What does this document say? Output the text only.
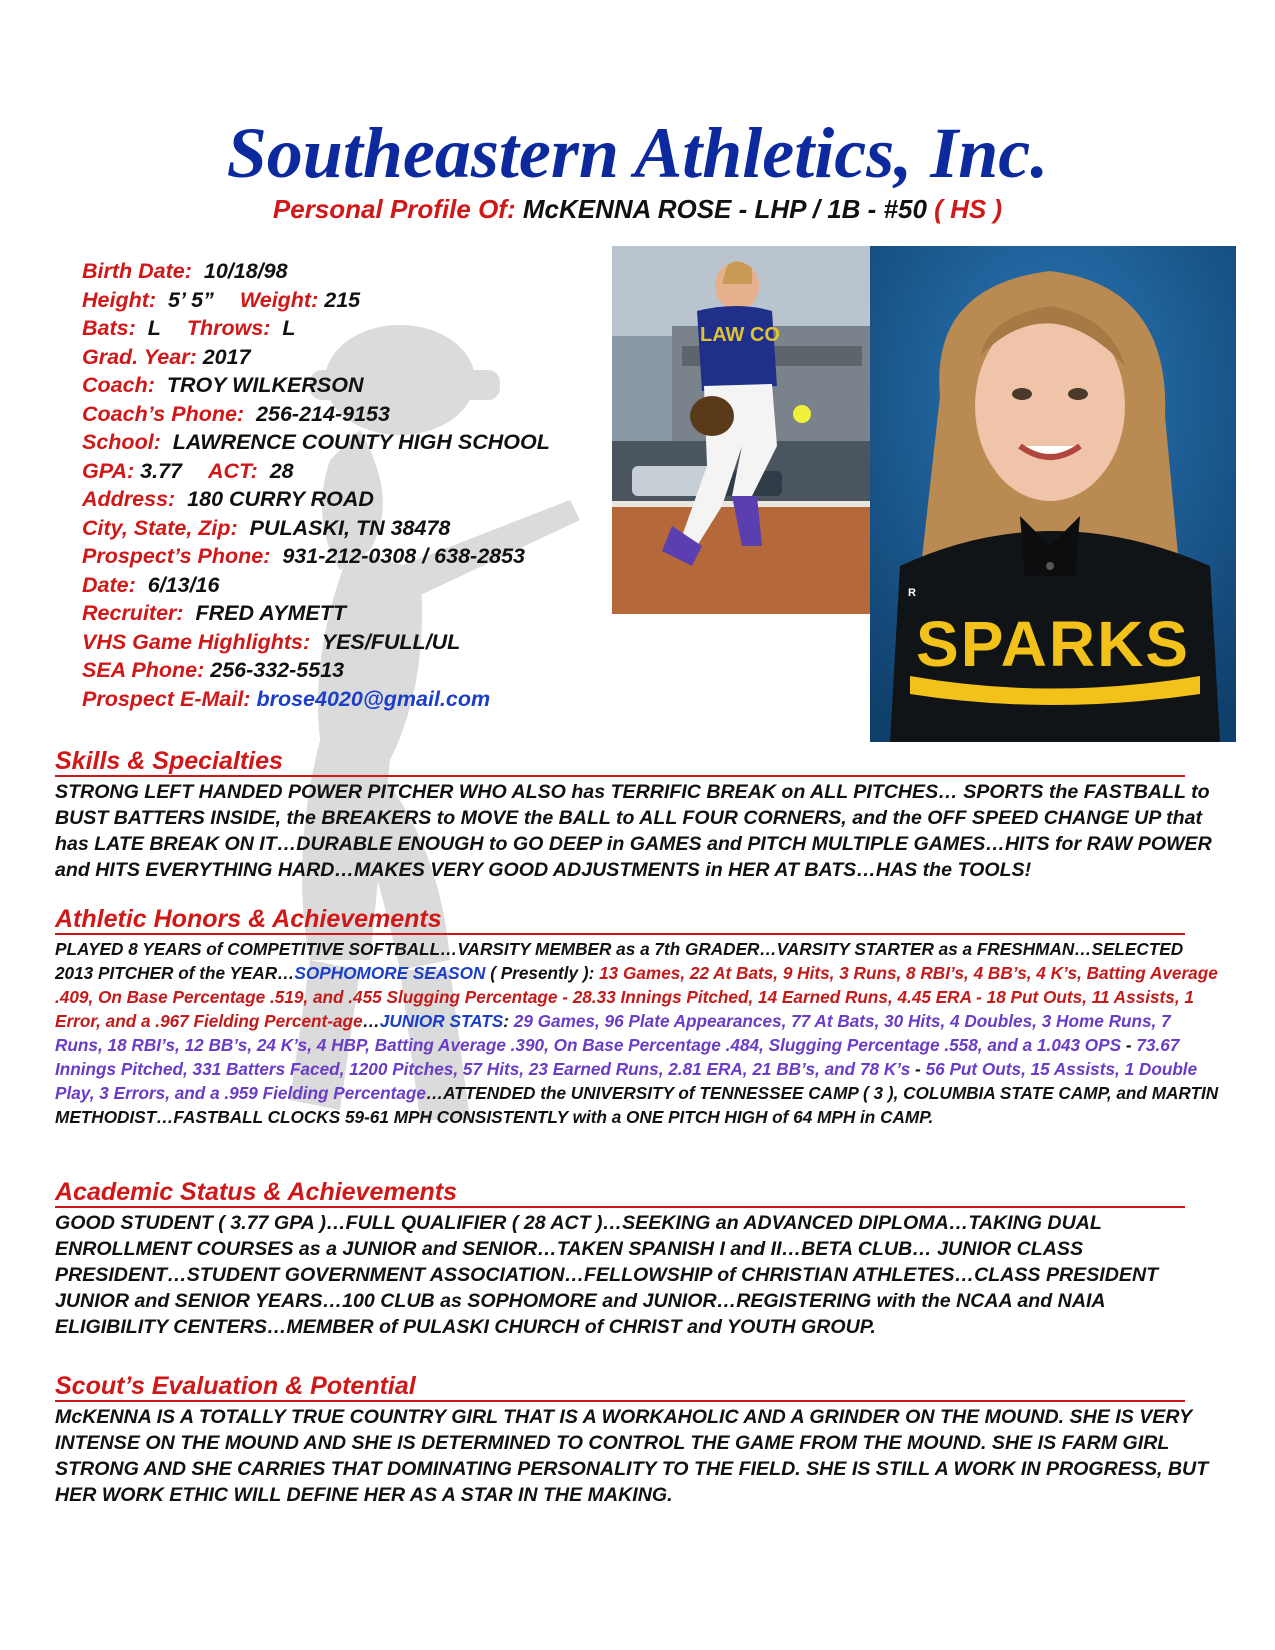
Southeastern Athletics, Inc.
Personal Profile Of: McKENNA ROSE - LHP / 1B - #50 ( HS )
Birth Date: 10/18/98
Height: 5’ 5” Weight: 215
Bats: L Throws: L
Grad. Year: 2017
Coach: TROY WILKERSON
Coach’s Phone: 256-214-9153
School: LAWRENCE COUNTY HIGH SCHOOL
GPA: 3.77 ACT: 28
Address: 180 CURRY ROAD
City, State, Zip: PULASKI, TN 38478
Prospect’s Phone: 931-212-0308 / 638-2853
Date: 6/13/16
Recruiter: FRED AYMETT
VHS Game Highlights: YES/FULL/UL
SEA Phone: 256-332-5513
Prospect E-Mail: brose4020@gmail.com
LAW CO
R
SPARKS
Skills & Specialties
STRONG LEFT HANDED POWER PITCHER WHO ALSO has TERRIFIC BREAK on ALL PITCHES… SPORTS the FASTBALL to BUST BATTERS INSIDE, the BREAKERS to MOVE the BALL to ALL FOUR CORNERS, and the OFF SPEED CHANGE UP that has LATE BREAK ON IT…DURABLE ENOUGH to GO DEEP in GAMES and PITCH MULTIPLE GAMES…HITS for RAW POWER and HITS EVERYTHING HARD…MAKES VERY GOOD ADJUSTMENTS in HER AT BATS…HAS the TOOLS!
Athletic Honors & Achievements
PLAYED 8 YEARS of COMPETITIVE SOFTBALL…VARSITY MEMBER as a 7th GRADER…VARSITY STARTER as a FRESHMAN…SELECTED 2013 PITCHER of the YEAR…SOPHOMORE SEASON ( Presently ): 13 Games, 22 At Bats, 9 Hits, 3 Runs, 8 RBI’s, 4 BB’s, 4 K’s, Batting Average .409, On Base Percentage .519, and .455 Slugging Percentage - 28.33 Innings Pitched, 14 Earned Runs, 4.45 ERA - 18 Put Outs, 11 Assists, 1 Error, and a .967 Fielding Percent-age…JUNIOR STATS: 29 Games, 96 Plate Appearances, 77 At Bats, 30 Hits, 4 Doubles, 3 Home Runs, 7 Runs, 18 RBI’s, 12 BB’s, 24 K’s, 4 HBP, Batting Average .390, On Base Percentage .484, Slugging Percentage .558, and a 1.043 OPS - 73.67 Innings Pitched, 331 Batters Faced, 1200 Pitches, 57 Hits, 23 Earned Runs, 2.81 ERA, 21 BB’s, and 78 K’s - 56 Put Outs, 15 Assists, 1 Double Play, 3 Errors, and a .959 Fielding Percentage…ATTENDED the UNIVERSITY of TENNESSEE CAMP ( 3 ), COLUMBIA STATE CAMP, and MARTIN METHODIST…FASTBALL CLOCKS 59-61 MPH CONSISTENTLY with a ONE PITCH HIGH of 64 MPH in CAMP.
Academic Status & Achievements
GOOD STUDENT ( 3.77 GPA )…FULL QUALIFIER ( 28 ACT )…SEEKING an ADVANCED DIPLOMA…TAKING DUAL ENROLLMENT COURSES as a JUNIOR and SENIOR…TAKEN SPANISH I and II…BETA CLUB… JUNIOR CLASS PRESIDENT…STUDENT GOVERNMENT ASSOCIATION…FELLOWSHIP of CHRISTIAN ATHLETES…CLASS PRESIDENT JUNIOR and SENIOR YEARS…100 CLUB as SOPHOMORE and JUNIOR…REGISTERING with the NCAA and NAIA ELIGIBILITY CENTERS…MEMBER of PULASKI CHURCH of CHRIST and YOUTH GROUP.
Scout’s Evaluation & Potential
McKENNA IS A TOTALLY TRUE COUNTRY GIRL THAT IS A WORKAHOLIC AND A GRINDER ON THE MOUND. SHE IS VERY INTENSE ON THE MOUND AND SHE IS DETERMINED TO CONTROL THE GAME FROM THE MOUND. SHE IS FARM GIRL STRONG AND SHE CARRIES THAT DOMINATING PERSONALITY TO THE FIELD. SHE IS STILL A WORK IN PROGRESS, BUT HER WORK ETHIC WILL DEFINE HER AS A STAR IN THE MAKING.
